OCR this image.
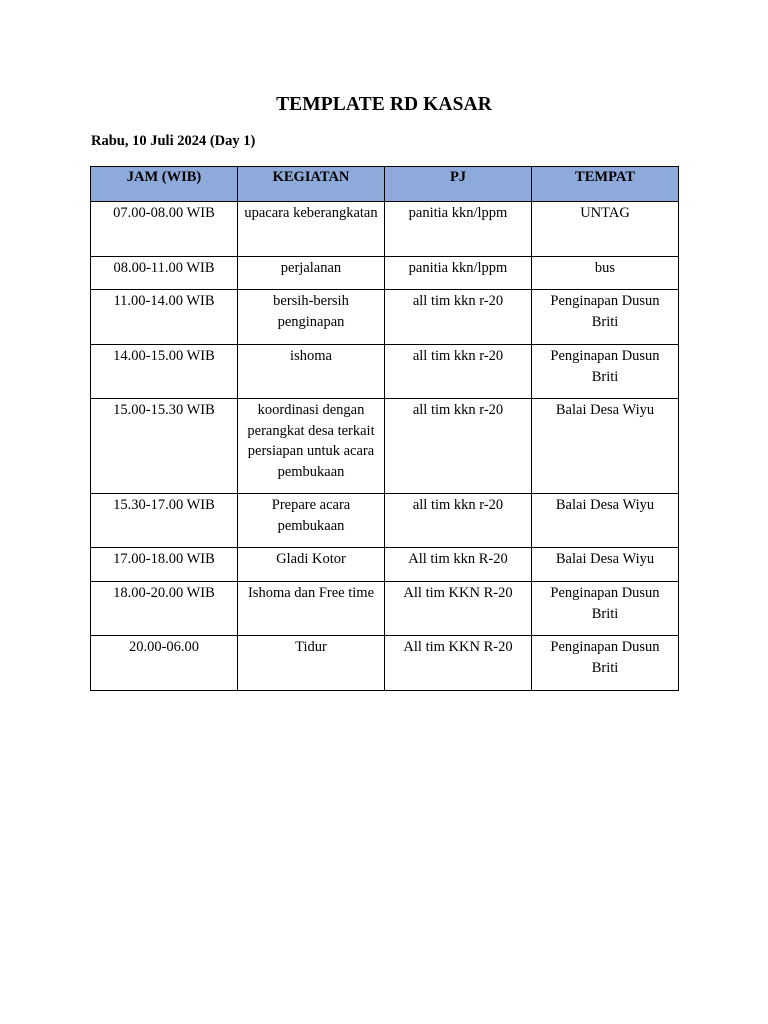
TEMPLATE RD KASAR
Rabu, 10 Juli 2024 (Day 1)
JAM (WIB)	KEGIATAN	PJ	TEMPAT

07.00-08.00 WIB	upacara keberangkatan	panitia kkn/lppm	UNTAG

08.00-11.00 WIB	perjalanan	panitia kkn/lppm	bus

11.00-14.00 WIB	bersih-bersih penginapan	all tim kkn r-20	Penginapan Dusun Briti

14.00-15.00 WIB	ishoma	all tim kkn r-20	Penginapan Dusun Briti

15.00-15.30 WIB	koordinasi dengan perangkat desa terkait persiapan untuk acara pembukaan	all tim kkn r-20	Balai Desa Wiyu

15.30-17.00 WIB	Prepare acara pembukaan	all tim kkn r-20	Balai Desa Wiyu

17.00-18.00 WIB	Gladi Kotor	All tim kkn R-20	Balai Desa Wiyu

18.00-20.00 WIB	Ishoma dan Free time	All tim KKN R-20	Penginapan Dusun Briti

20.00-06.00	Tidur	All tim KKN R-20	Penginapan Dusun Briti
